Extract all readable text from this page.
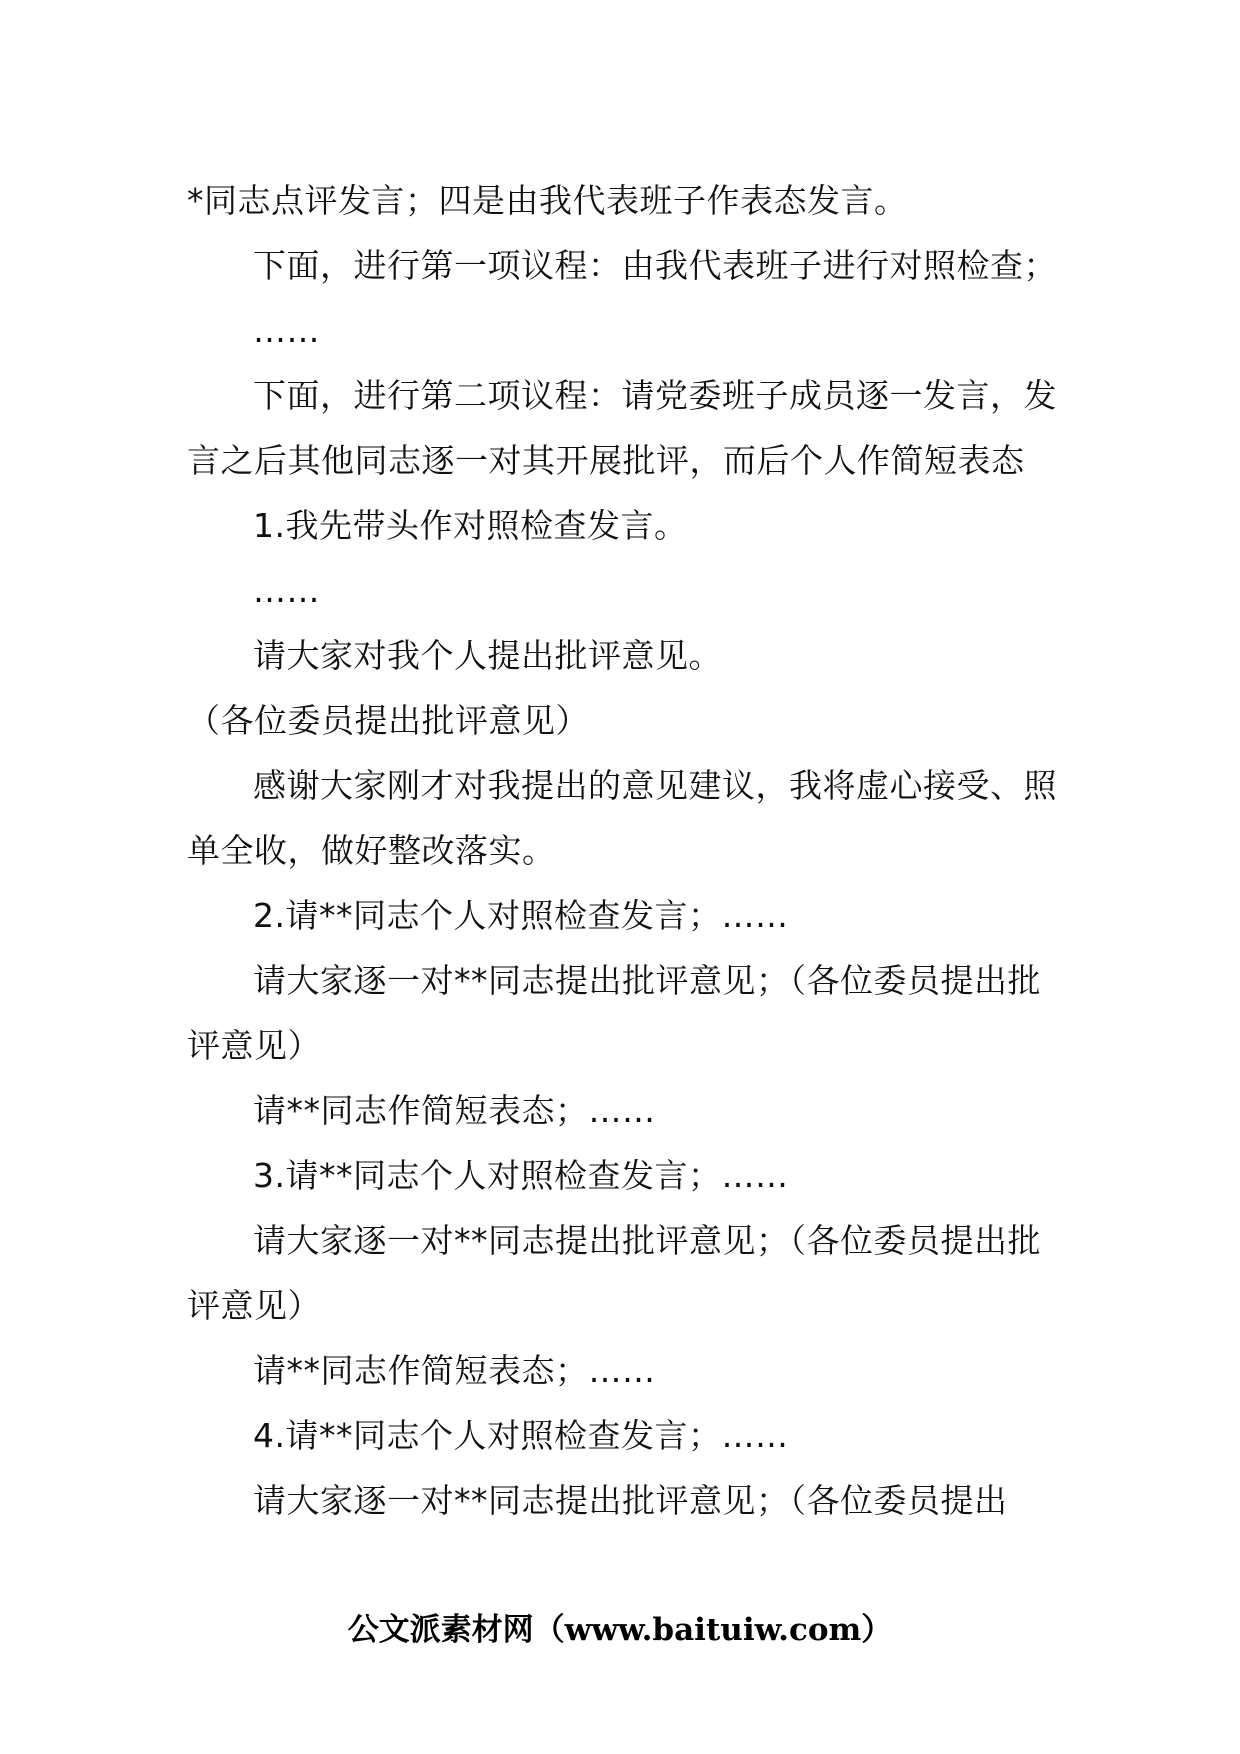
*同志点评发言；四是由我代表班子作表态发言。

下面，进行第一项议程：由我代表班子进行对照检查；

……

下面，进行第二项议程：请党委班子成员逐一发言，发言之后其他同志逐一对其开展批评，而后个人作简短表态

1.我先带头作对照检查发言。

……

请大家对我个人提出批评意见。

（各位委员提出批评意见）

感谢大家刚才对我提出的意见建议，我将虚心接受、照单全收，做好整改落实。

2.请**同志个人对照检查发言；……

请大家逐一对**同志提出批评意见；（各位委员提出批评意见）

请**同志作简短表态；……

3.请**同志个人对照检查发言；……

请大家逐一对**同志提出批评意见；（各位委员提出批评意见）

请**同志作简短表态；……

4.请**同志个人对照检查发言；……

请大家逐一对**同志提出批评意见；（各位委员提出

公文派素材网（www.baituiw.com）
